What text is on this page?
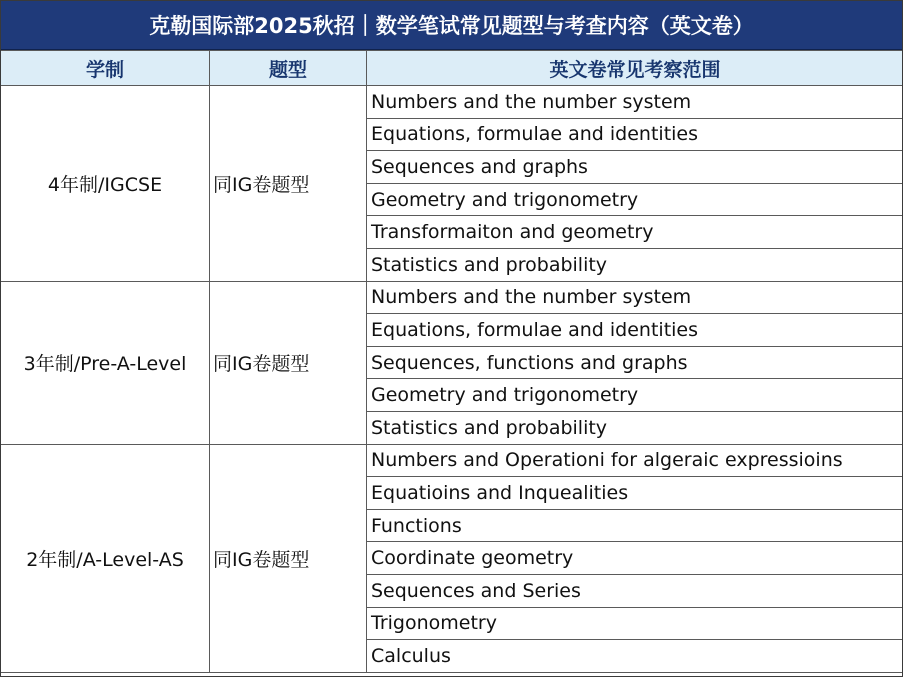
克勒国际部2025秋招｜数学笔试常见题型与考查内容（英文卷）
学制	题型	英文卷常见考察范围
4年制/IGCSE	同IG卷题型	Numbers and the number system
		Equations, formulae and identities
		Sequences and graphs
		Geometry and trigonometry
		Transformaiton and geometry
		Statistics and probability
3年制/Pre-A-Level	同IG卷题型	Numbers and the number system
		Equations, formulae and identities
		Sequences, functions and graphs
		Geometry and trigonometry
		Statistics and probability
2年制/A-Level-AS	同IG卷题型	Numbers and Operationi for algeraic expressioins
		Equatioins and Inquealities
		Functions
		Coordinate geometry
		Sequences and Series
		Trigonometry
		Calculus
